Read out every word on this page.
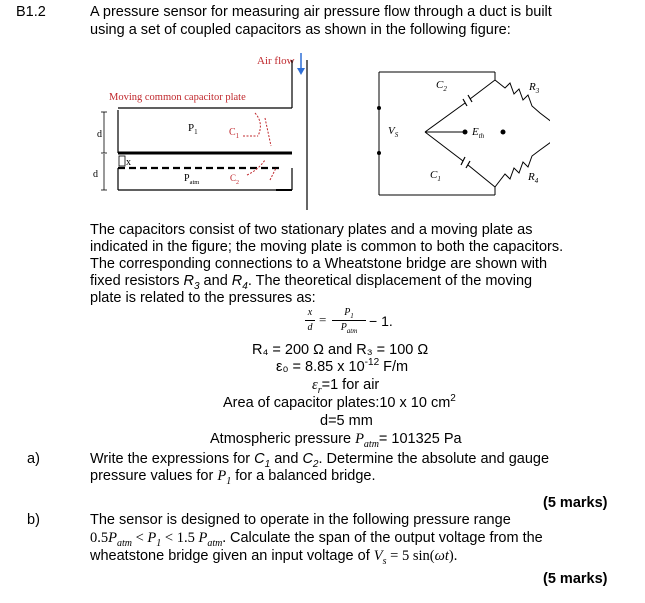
B1.2	A pressure sensor for measuring air pressure flow through a duct is built
using a set of coupled capacitors as shown in the following figure:
Air flow
Moving common capacitor plate
$P_1$	$C_1$
d
x
$P_{atm}$	$C_2$
d
$V_S$
$C_2$
$C_1$
$R_3$
$R_4$
$E_{th}$
The capacitors consist of two stationary plates and a moving plate as
indicated in the figure; the moving plate is common to both the capacitors.
The corresponding connections to a Wheatstone bridge are shown with
fixed resistors $R_3$ and $R_4$. The theoretical displacement of the moving
plate is related to the pressures as:
x
d
=	$P_1$
$P_{atm}$
− 1.
R₄ = 200 Ω and R₃ = 100 Ω
ε₀ = 8.85 x $10^{-12}$ F/m
$\varepsilon_r=1$ for air
Area of capacitor plates:10 x 10 $cm^2$
d=5 mm
Atmospheric pressure $P_{atm}= 101325$ Pa
a)	Write the expressions for $C_1$ and $C_2$. Determine the absolute and gauge
pressure values for $P_1$ for a balanced bridge.
(5 marks)
b)	The sensor is designed to operate in the following pressure range
$0.5P_{atm} < P_1 < 1.5$ $P_{atm}$. Calculate the span of the output voltage from the
wheatstone bridge given an input voltage of $V_s = 5$ sin(ωt).
(5 marks)
